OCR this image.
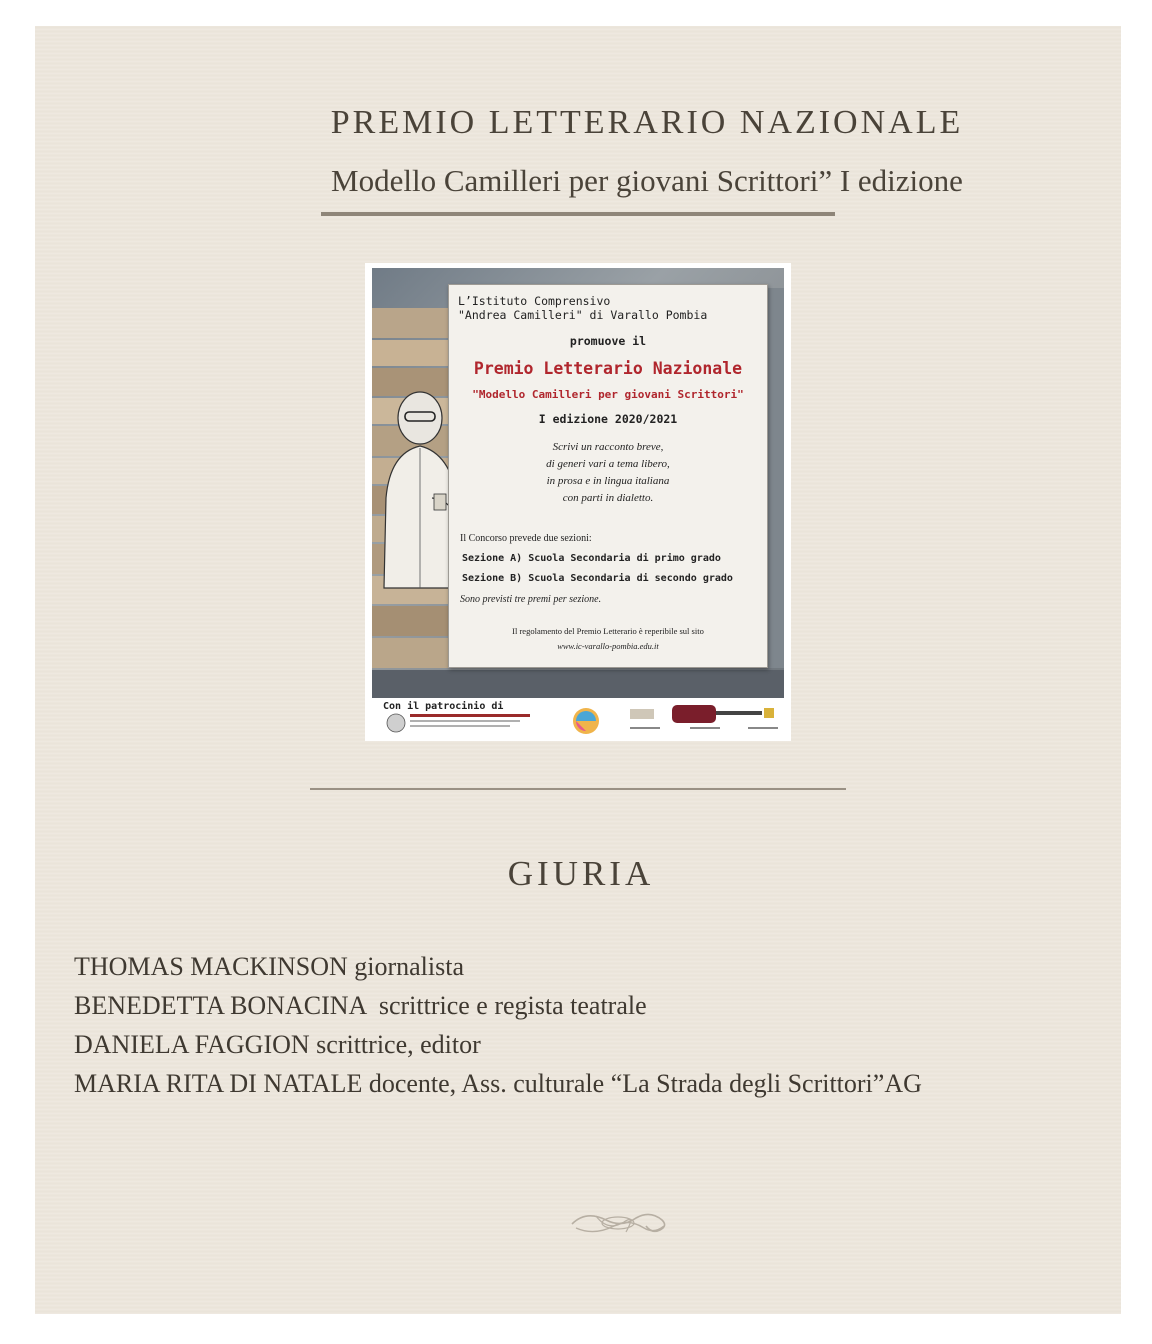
PREMIO LETTERARIO NAZIONALE
Modello Camilleri per giovani Scrittori” I edizione

L’Istituto Comprensivo

"Andrea Camilleri" di Varallo Pombia

promuove il

Premio Letterario Nazionale

"Modello Camilleri per giovani Scrittori"

I edizione 2020/2021

Scrivi un racconto breve,

di generi vari a tema libero,

in prosa e in lingua italiana

con parti in dialetto.

Il Concorso prevede due sezioni:

Sezione A) Scuola Secondaria di primo grado

Sezione B) Scuola Secondaria di secondo grado

Sono previsti tre premi per sezione.

Il regolamento del Premio Letterario è reperibile sul sito

www.ic-varallo-pombia.edu.it

Con il patrocinio di

GIURIA
THOMAS MACKINSON giornalista
BENEDETTA BONACINA  scrittrice e regista teatrale
DANIELA FAGGION scrittrice, editor
MARIA RITA DI NATALE docente, Ass. culturale “La Strada degli Scrittori”AG
